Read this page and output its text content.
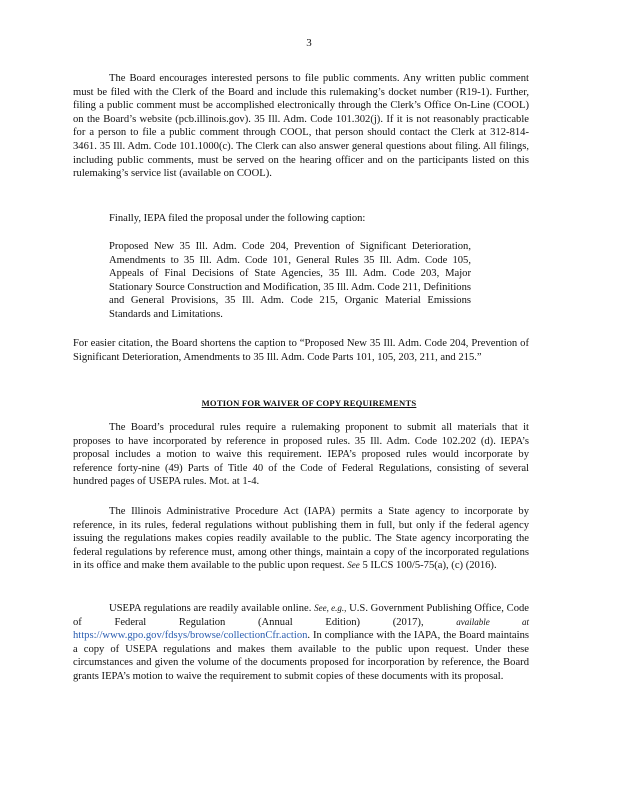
3

The Board encourages interested persons to file public comments. Any written public comment must be filed with the Clerk of the Board and include this rulemaking’s docket number (R19-1). Further, filing a public comment must be accomplished electronically through the Clerk’s Office On-Line (COOL) on the Board’s website (pcb.illinois.gov). 35 Ill. Adm. Code 101.302(j). If it is not reasonably practicable for a person to file a public comment through COOL, that person should contact the Clerk at 312-814-3461. 35 Ill. Adm. Code 101.1000(c). The Clerk can also answer general questions about filing. All filings, including public comments, must be served on the hearing officer and on the participants listed on this rulemaking’s service list (available on COOL).

Finally, IEPA filed the proposal under the following caption:

Proposed New 35 Ill. Adm. Code 204, Prevention of Significant Deterioration, Amendments to 35 Ill. Adm. Code 101, General Rules 35 Ill. Adm. Code 105, Appeals of Final Decisions of State Agencies, 35 Ill. Adm. Code 203, Major Stationary Source Construction and Modification, 35 Ill. Adm. Code 211, Definitions and General Provisions, 35 Ill. Adm. Code 215, Organic Material Emissions Standards and Limitations.

For easier citation, the Board shortens the caption to “Proposed New 35 Ill. Adm. Code 204, Prevention of Significant Deterioration, Amendments to 35 Ill. Adm. Code Parts 101, 105, 203, 211, and 215.”

MOTION FOR WAIVER OF COPY REQUIREMENTS

The Board’s procedural rules require a rulemaking proponent to submit all materials that it proposes to have incorporated by reference in proposed rules. 35 Ill. Adm. Code 102.202 (d). IEPA’s proposal includes a motion to waive this requirement. IEPA’s proposed rules would incorporate by reference forty-nine (49) Parts of Title 40 of the Code of Federal Regulations, consisting of several hundred pages of USEPA rules. Mot. at 1-4.

The Illinois Administrative Procedure Act (IAPA) permits a State agency to incorporate by reference, in its rules, federal regulations without publishing them in full, but only if the federal agency issuing the regulations makes copies readily available to the public. The State agency incorporating the federal regulations by reference must, among other things, maintain a copy of the incorporated regulations in its office and make them available to the public upon request. See 5 ILCS 100/5-75(a), (c) (2016).

USEPA regulations are readily available online. See, e.g., U.S. Government Publishing Office, Code of Federal Regulation (Annual Edition) (2017),	available at https://www.gpo.gov/fdsys/browse/collectionCfr.action. In compliance with the IAPA, the Board maintains a copy of USEPA regulations and makes them available to the public upon request. Under these circumstances and given the volume of the documents proposed for incorporation by reference, the Board grants IEPA’s motion to waive the requirement to submit copies of these documents with its proposal.
